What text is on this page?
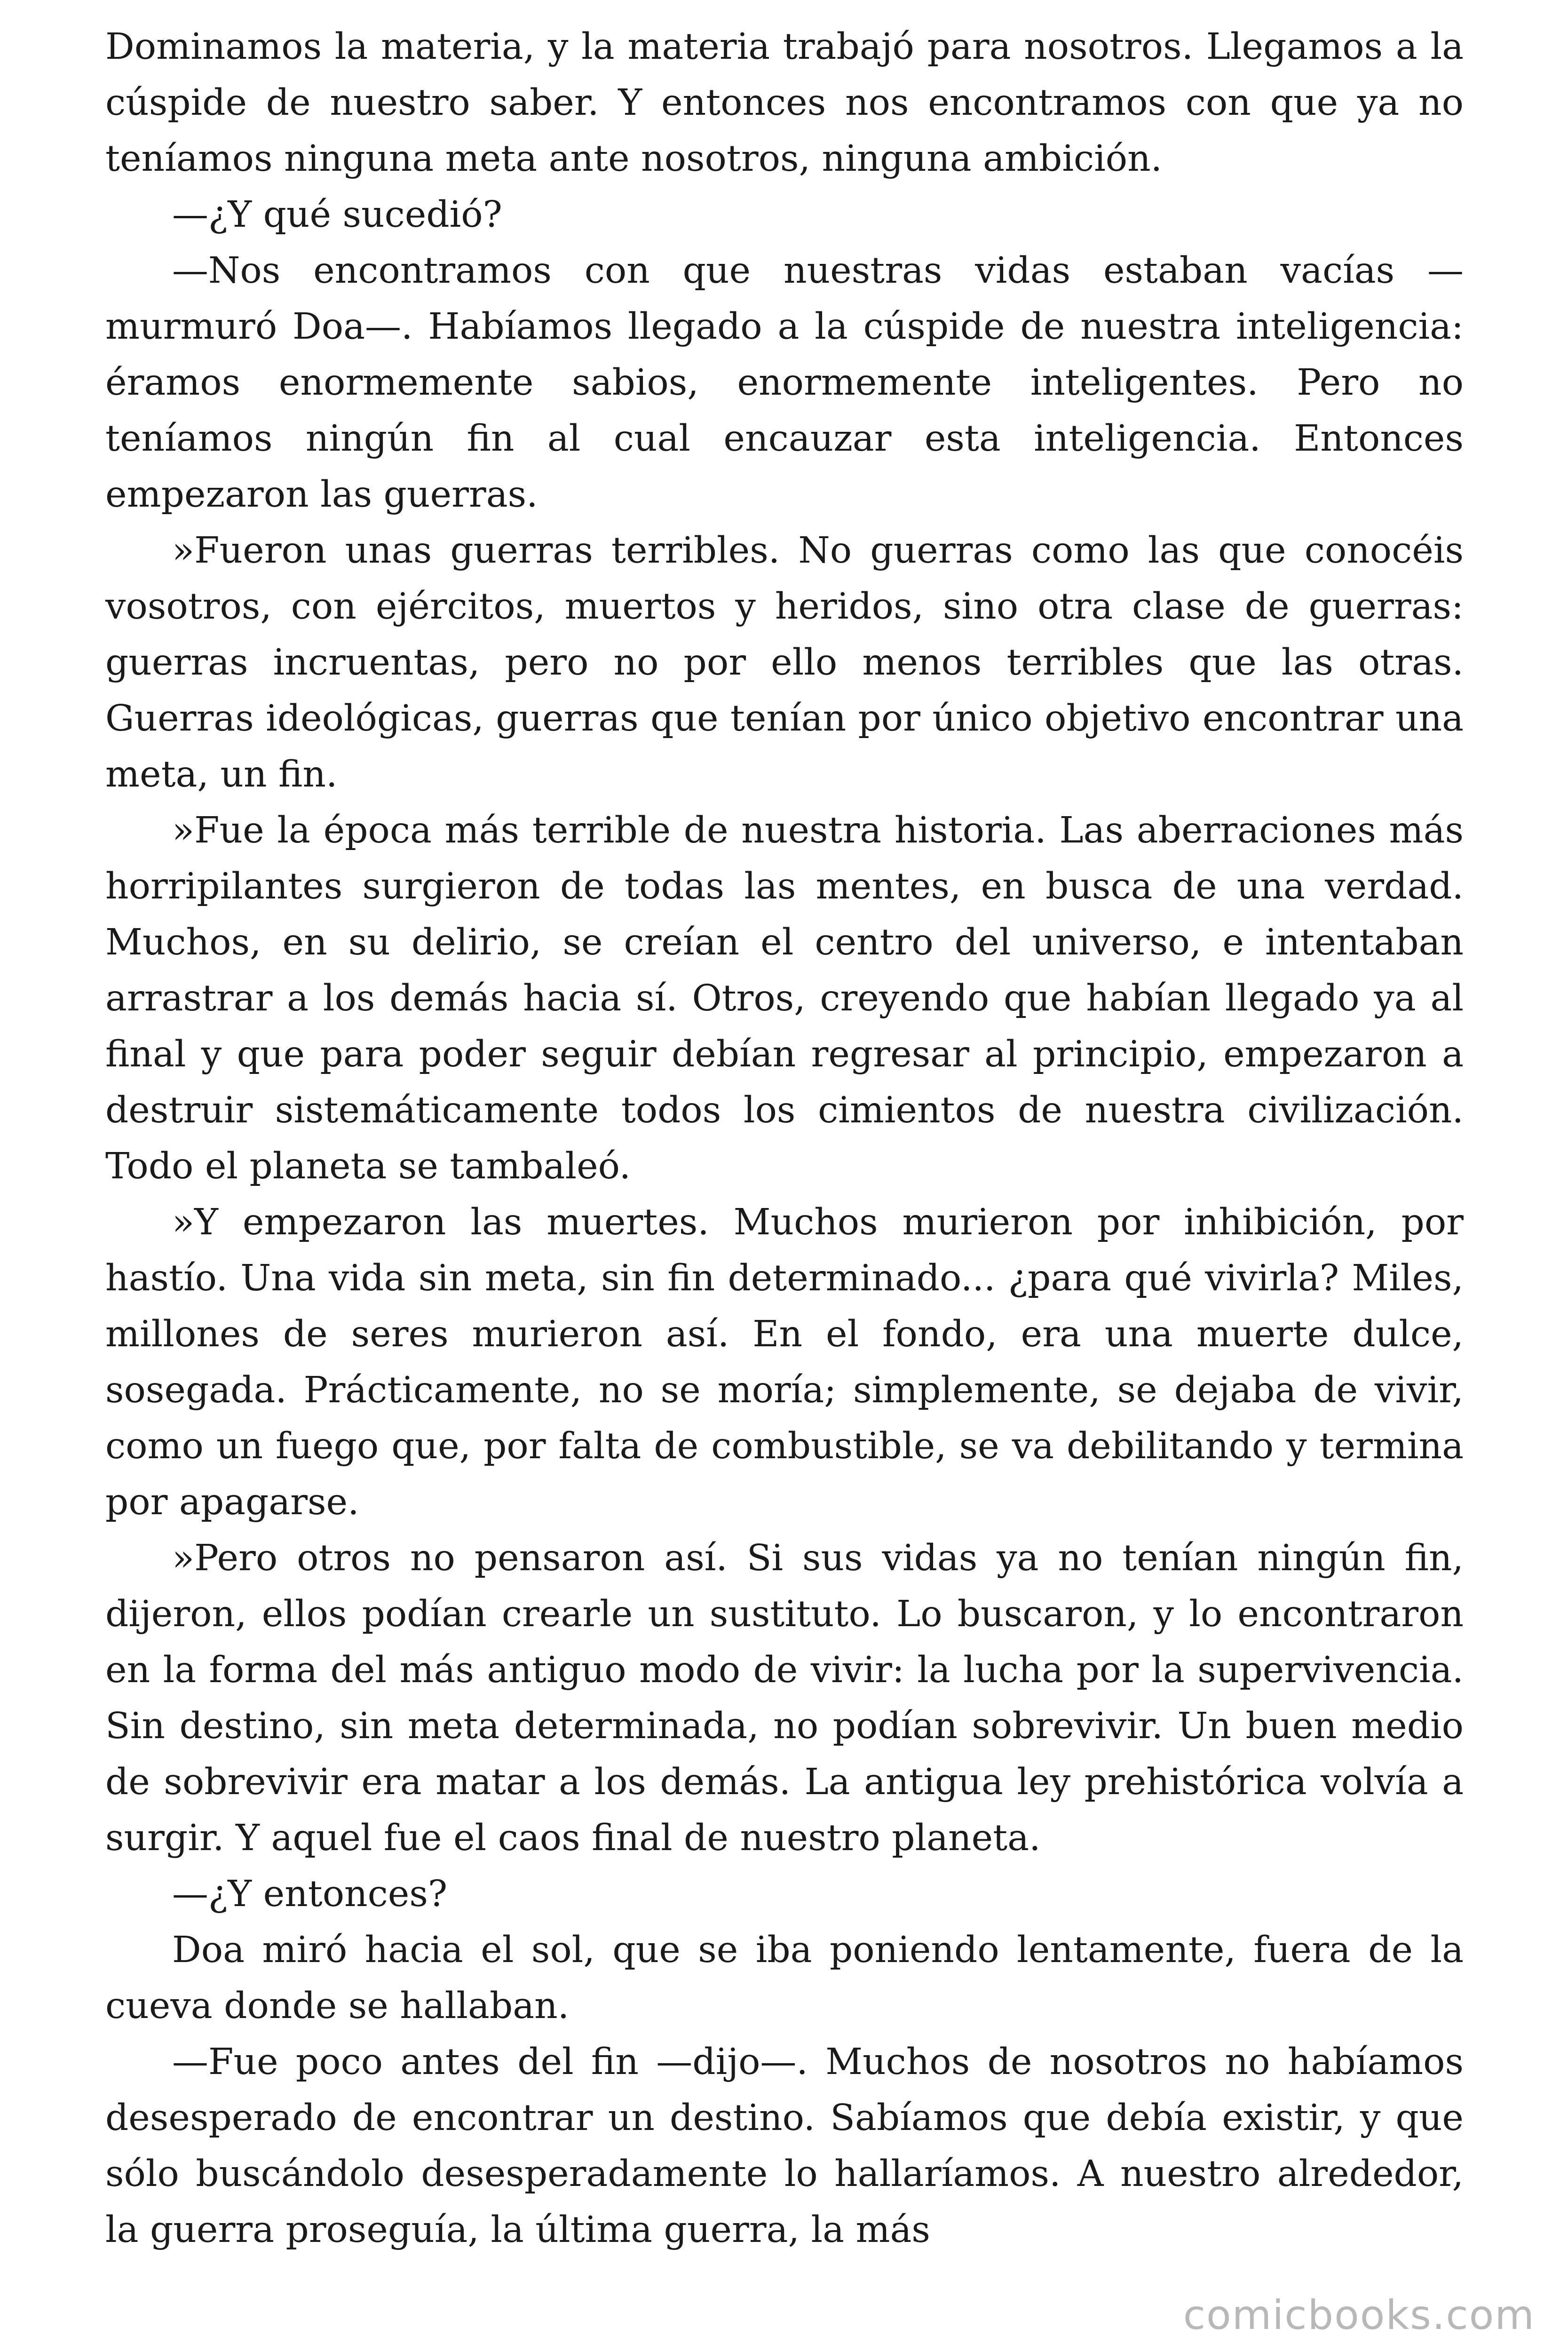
Dominamos la materia, y la materia trabajó para nosotros. Llegamos a la cúspide de nuestro saber. Y entonces nos encontramos con que ya no teníamos ninguna meta ante nosotros, ninguna ambición.

—¿Y qué sucedió?

—Nos encontramos con que nuestras vidas estaban vacías —murmuró Doa—. Habíamos llegado a la cúspide de nuestra inteligencia: éramos enormemente sabios, enormemente inteligentes. Pero no teníamos ningún fin al cual encauzar esta inteligencia. Entonces empezaron las guerras.

»Fueron unas guerras terribles. No guerras como las que conocéis vosotros, con ejércitos, muertos y heridos, sino otra clase de guerras: guerras incruentas, pero no por ello menos terribles que las otras. Guerras ideológicas, guerras que tenían por único objetivo encontrar una meta, un fin.

»Fue la época más terrible de nuestra historia. Las aberraciones más horripilantes surgieron de todas las mentes, en busca de una verdad. Muchos, en su delirio, se creían el centro del universo, e intentaban arrastrar a los demás hacia sí. Otros, creyendo que habían llegado ya al final y que para poder seguir debían regresar al principio, empezaron a destruir sistemáticamente todos los cimientos de nuestra civilización. Todo el planeta se tambaleó.

»Y empezaron las muertes. Muchos murieron por inhibición, por hastío. Una vida sin meta, sin fin determinado... ¿para qué vivirla? Miles, millones de seres murieron así. En el fondo, era una muerte dulce, sosegada. Prácticamente, no se moría; simplemente, se dejaba de vivir, como un fuego que, por falta de combustible, se va debilitando y termina por apagarse.

»Pero otros no pensaron así. Si sus vidas ya no tenían ningún fin, dijeron, ellos podían crearle un sustituto. Lo buscaron, y lo encontraron en la forma del más antiguo modo de vivir: la lucha por la supervivencia. Sin destino, sin meta determinada, no podían sobrevivir. Un buen medio de sobrevivir era matar a los demás. La antigua ley prehistórica volvía a surgir. Y aquel fue el caos final de nuestro planeta.

—¿Y entonces?

Doa miró hacia el sol, que se iba poniendo lentamente, fuera de la cueva donde se hallaban.

—Fue poco antes del fin —dijo—. Muchos de nosotros no habíamos desesperado de encontrar un destino. Sabíamos que debía existir, y que sólo buscándolo desesperadamente lo hallaríamos. A nuestro alrededor, la guerra proseguía, la última guerra, la más

comicbooks.com
